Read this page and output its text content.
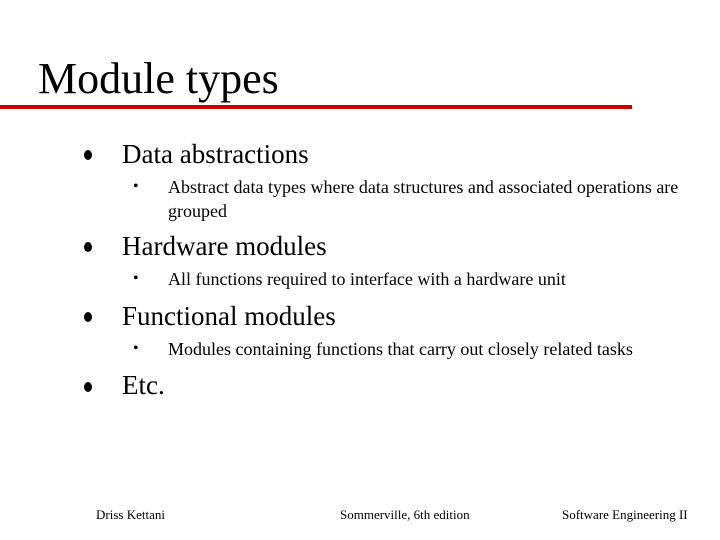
Module types
Data abstractions
• Abstract data types where data structures and associated operations are grouped
Hardware modules
• All functions required to interface with a hardware unit
Functional modules
• Modules containing functions that carry out closely related tasks
Etc.
Driss Kettani	Sommerville, 6th edition	Software Engineering II
